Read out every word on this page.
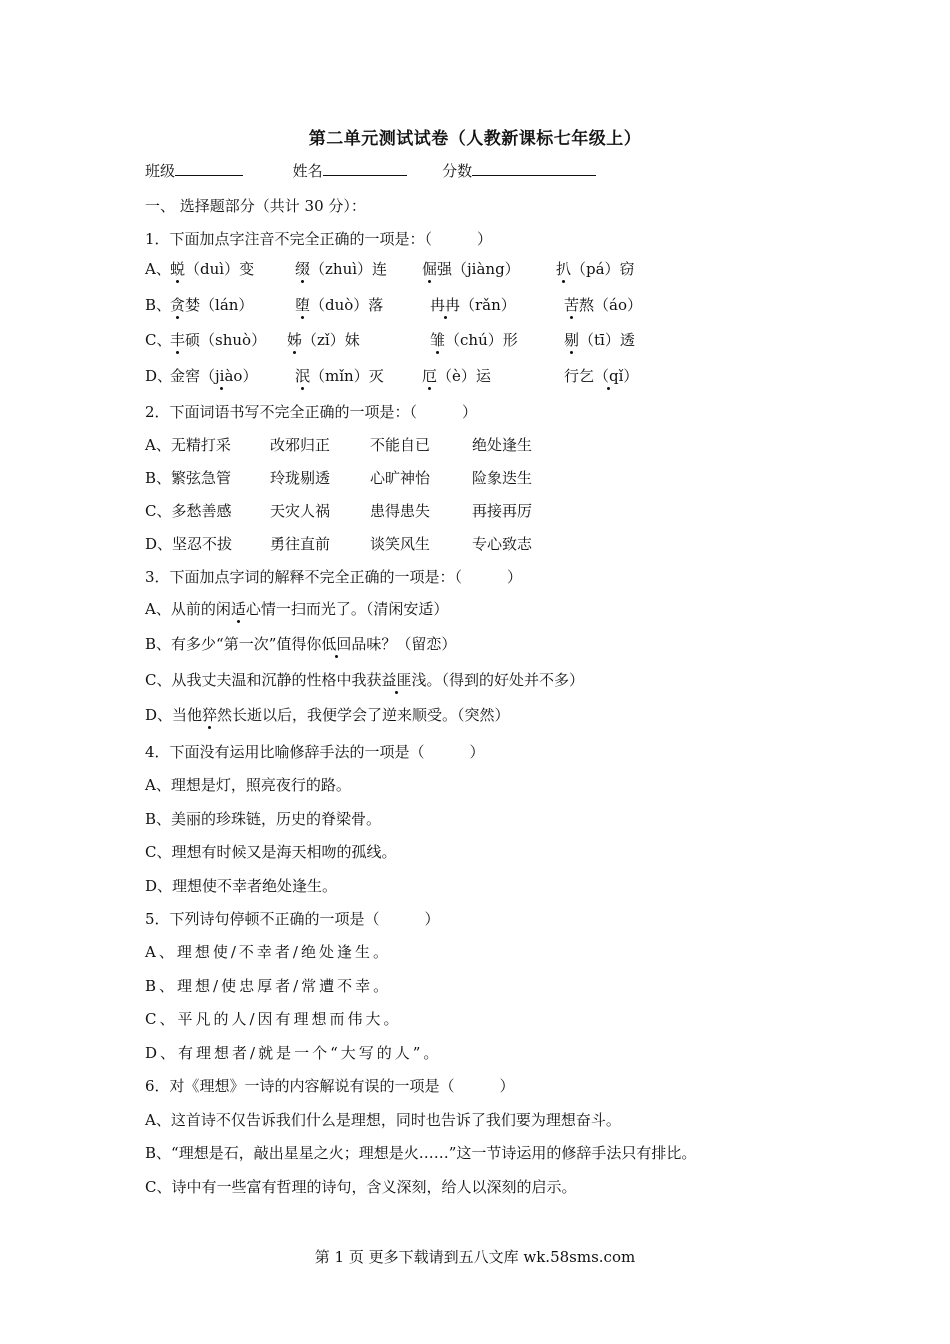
第二单元测试试卷（人教新课标七年级上）
班级	姓名	分数
一、 选择题部分（共计 30 分）：
1．下面加点字注音不完全正确的一项是：（　　　）
A、 蜕（duì）变	缀（zhuì）连 倔强（jiàng） 扒（pá）窃
B、
贪婪（lán）	堕（duò）落	冉冉（rǎn）	苦熬（áo）
C、
丰硕（shuò） 姊（zǐ）妹	雏（chú）形	剔（tī）透
D、
金窖（jiào）	泯（mǐn）灭	厄（è）运	行乞（qǐ）
2．下面词语书写不完全正确的一项是：（　　　）
A、无精打采	改邪归正	不能自已	绝处逢生
B、繁弦急管	玲珑剔透	心旷神怡	险象迭生
C、多愁善感	天灾人祸	患得患失	再接再厉
D、坚忍不拔	勇往直前	谈笑风生	专心致志
3．下面加点字词的解释不完全正确的一项是：（　　　）
A、从前的闲适心情一扫而光了。（清闲安适）
B、有多少“第一次”值得你低回品味？（留恋）
C、从我丈夫温和沉静的性格中我获益匪浅。（得到的好处并不多）
D、当他猝然长逝以后，我便学会了逆来顺受。（突然）
4．下面没有运用比喻修辞手法的一项是（　　　）
A、理想是灯，照亮夜行的路。
B、美丽的珍珠链，历史的脊梁骨。
C、理想有时候又是海天相吻的孤线。
D、理想使不幸者绝处逢生。
5．下列诗句停顿不正确的一项是（　　　）
A、理想使/不幸者/绝处逢生。
B、理想/使忠厚者/常遭不幸。
C、平凡的人/因有理想而伟大。
D、有理想者/就是一个“大写的人”。
6．对《理想》一诗的内容解说有误的一项是（　　　）
A、这首诗不仅告诉我们什么是理想，同时也告诉了我们要为理想奋斗。
B、“理想是石，敲出星星之火；理想是火……”这一节诗运用的修辞手法只有排比。
C、诗中有一些富有哲理的诗句，含义深刻，给人以深刻的启示。
第 1 页 更多下载请到五八文库 wk.58sms.com
